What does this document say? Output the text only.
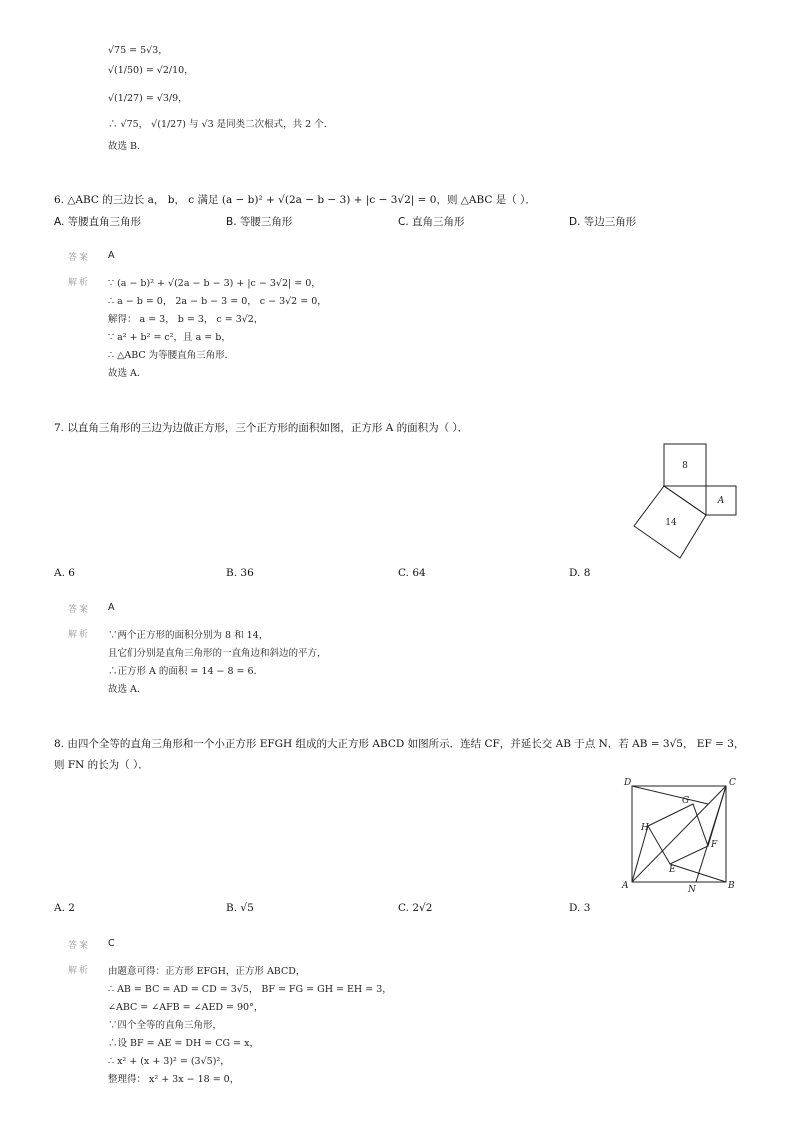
√75 = 5√3，
√(1/50) = √2/10，
√(1/27) = √3/9，
∴ √75， √(1/27) 与 √3 是同类二次根式，共 2 个．
故选 B．
6. △ABC 的三边长 a， b， c 满足 (a − b)² + √(2a − b − 3) + |c − 3√2| = 0，则 △ABC 是（ ）．
A. 等腰直角三角形	B. 等腰三角形	C. 直角三角形	D. 等边三角形
答案 A
解析 ∵ (a − b)² + √(2a − b − 3) + |c − 3√2| = 0，
∴ a − b = 0， 2a − b − 3 = 0， c − 3√2 = 0，
解得： a = 3， b = 3， c = 3√2，
∵ a² + b² = c²，且 a = b，
∴ △ABC 为等腰直角三角形．
故选 A．
7. 以直角三角形的三边为边做正方形，三个正方形的面积如图，正方形 A 的面积为（ ）．
8
A
14
A. 6	B. 36	C. 64	D. 8
答案 A
解析 ∵两个正方形的面积分别为 8 和 14，
且它们分别是直角三角形的一直角边和斜边的平方，
∴正方形 A 的面积 = 14 − 8 = 6．
故选 A．
8. 由四个全等的直角三角形和一个小正方形 EFGH 组成的大正方形 ABCD 如图所示．连结 CF，并延长交 AB 于点 N．若 AB = 3√5， EF = 3，
则 FN 的长为（ ）．
D	C
G
H
F
E
A	N	B
A. 2	B. √5	C. 2√2	D. 3
答案 C
解析 由题意可得：正方形 EFGH，正方形 ABCD，
∴ AB = BC = AD = CD = 3√5， BF = FG = GH = EH = 3，
∠ABC = ∠AFB = ∠AED = 90°，
∵四个全等的直角三角形，
∴设 BF = AE = DH = CG = x，
∴ x² + (x + 3)² = (3√5)²，
整理得： x² + 3x − 18 = 0，
